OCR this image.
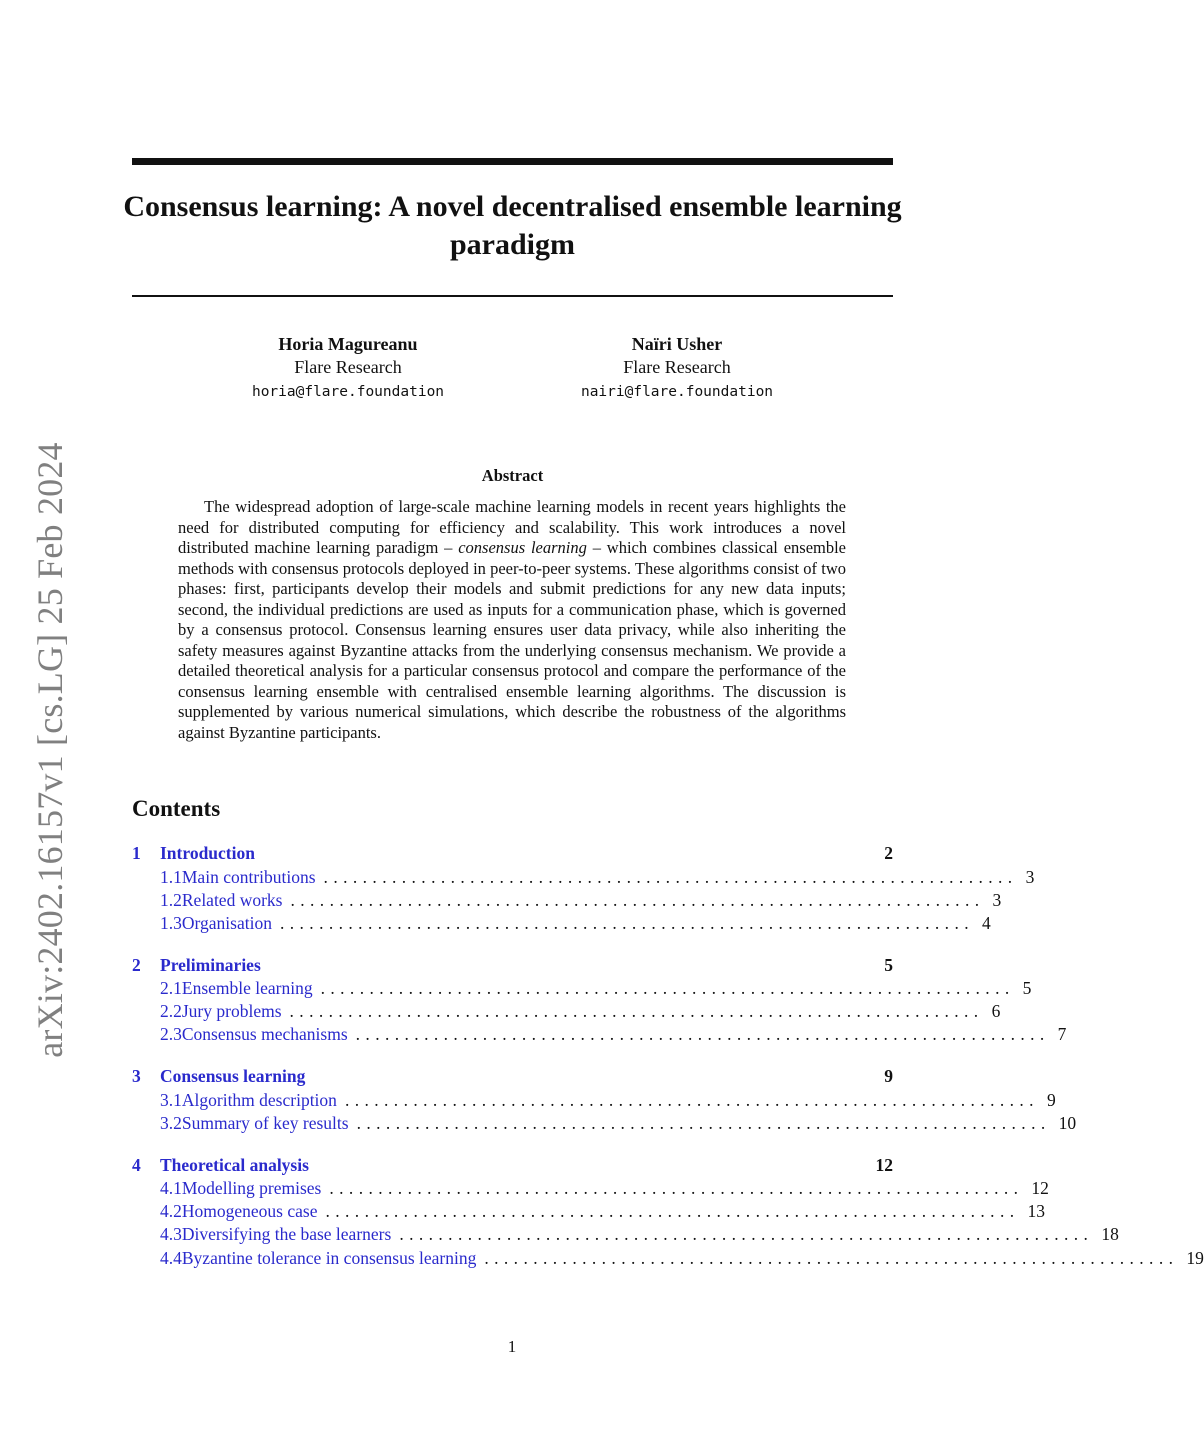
arXiv:2402.16157v1 [cs.LG] 25 Feb 2024
Consensus learning: A novel decentralised ensemble learning paradigm
Horia Magureanu
Flare Research
horia@flare.foundation
Naïri Usher
Flare Research
nairi@flare.foundation
Abstract

The widespread adoption of large-scale machine learning models in recent years highlights the need for distributed computing for efficiency and scalability. This work introduces a novel distributed machine learning paradigm – consensus learning – which combines classical ensemble methods with consensus protocols deployed in peer-to-peer systems. These algorithms consist of two phases: first, participants develop their models and submit predictions for any new data inputs; second, the individual predictions are used as inputs for a communication phase, which is governed by a consensus protocol. Consensus learning ensures user data privacy, while also inheriting the safety measures against Byzantine attacks from the underlying consensus mechanism. We provide a detailed theoretical analysis for a particular consensus protocol and compare the performance of the consensus learning ensemble with centralised ensemble learning algorithms. The discussion is supplemented by various numerical simulations, which describe the robustness of the algorithms against Byzantine participants.

Contents
1	Introduction	2
1.1 Main contributions ....................................................................... 3
1.2 Related works ....................................................................... 3
1.3 Organisation ....................................................................... 4
2	Preliminaries	5
2.1 Ensemble learning ....................................................................... 5
2.2 Jury problems ....................................................................... 6
2.3 Consensus mechanisms ....................................................................... 7
3	Consensus learning	9
3.1 Algorithm description ....................................................................... 9
3.2 Summary of key results ....................................................................... 10
4	Theoretical analysis	12
4.1 Modelling premises ....................................................................... 12
4.2 Homogeneous case ....................................................................... 13
4.3 Diversifying the base learners ....................................................................... 18
4.4 Byzantine tolerance in consensus learning ....................................................................... 19
1
